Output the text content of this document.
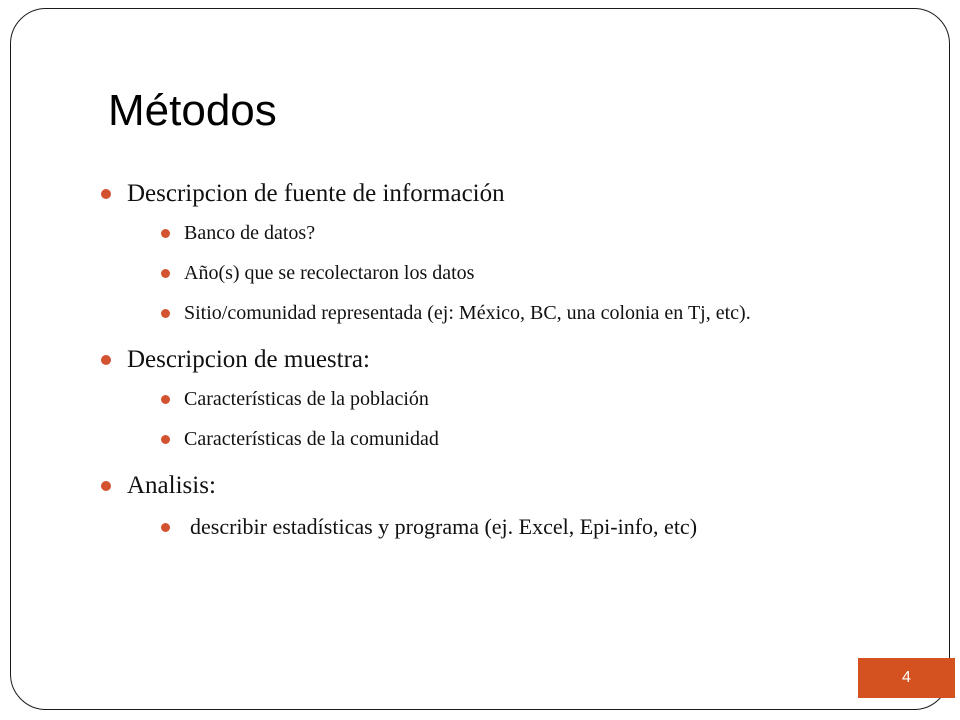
Métodos
Descripcion de fuente de información
Banco de datos?
Año(s) que se recolectaron los datos
Sitio/comunidad representada (ej: México, BC, una colonia en Tj, etc).
Descripcion de muestra:
Características de la población
Características de la comunidad
Analisis:
describir estadísticas y programa (ej. Excel, Epi-info, etc)
4
